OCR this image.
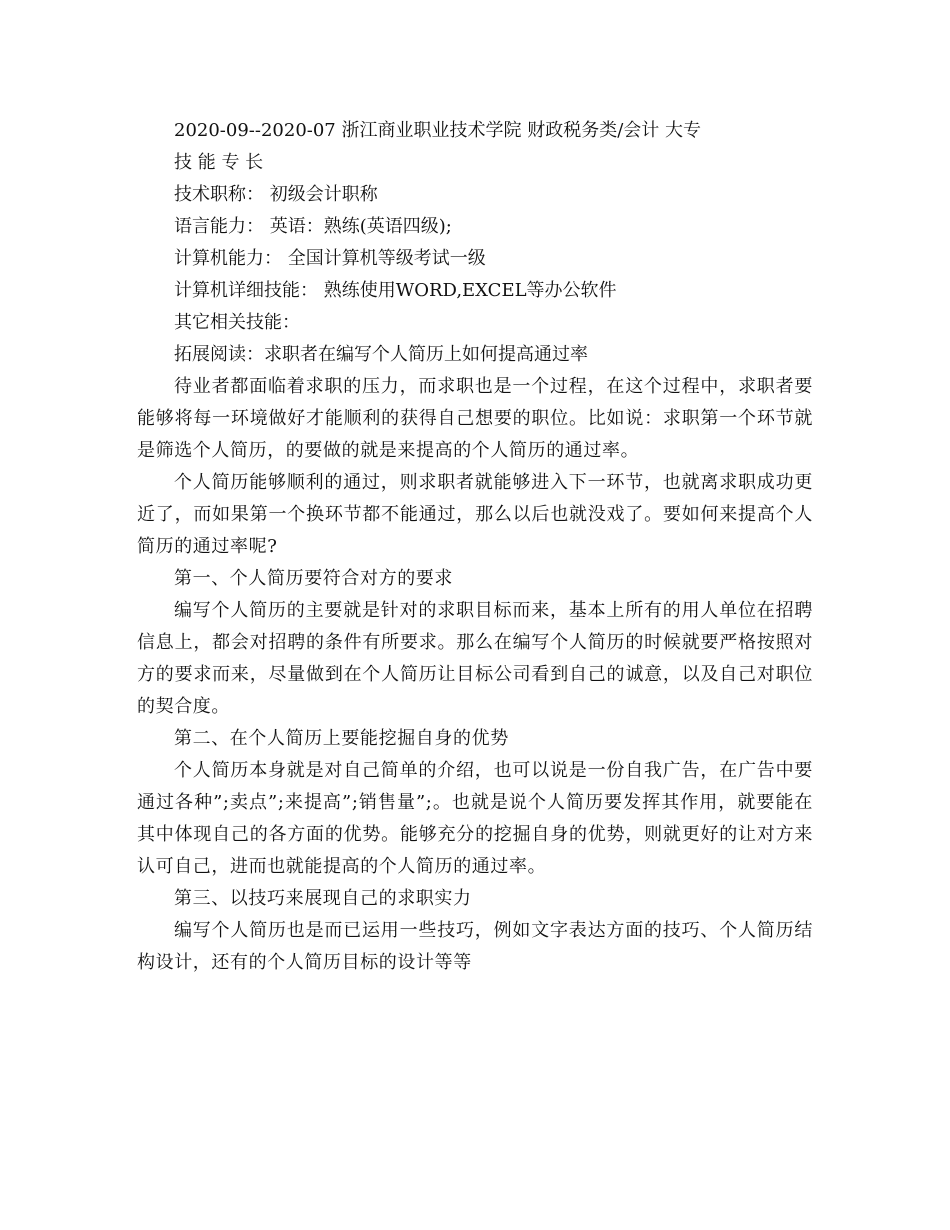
2020-09--2020-07 浙江商业职业技术学院 财政税务类/会计 大专

技 能 专 长

技术职称： 初级会计职称

语言能力： 英语：熟练(英语四级);

计算机能力： 全国计算机等级考试一级

计算机详细技能： 熟练使用WORD,EXCEL等办公软件

其它相关技能：

拓展阅读：求职者在编写个人简历上如何提高通过率

待业者都面临着求职的压力，而求职也是一个过程，在这个过程中，求职者要能够将每一环境做好才能顺利的获得自己想要的职位。比如说：求职第一个环节就是筛选个人简历，的要做的就是来提高的个人简历的通过率。

个人简历能够顺利的通过，则求职者就能够进入下一环节，也就离求职成功更近了，而如果第一个换环节都不能通过，那么以后也就没戏了。要如何来提高个人简历的通过率呢?

第一、个人简历要符合对方的要求

编写个人简历的主要就是针对的求职目标而来，基本上所有的用人单位在招聘信息上，都会对招聘的条件有所要求。那么在编写个人简历的时候就要严格按照对方的要求而来，尽量做到在个人简历让目标公司看到自己的诚意，以及自己对职位的契合度。

第二、在个人简历上要能挖掘自身的优势

个人简历本身就是对自己简单的介绍，也可以说是一份自我广告，在广告中要通过各种”;卖点”;来提高”;销售量”;。也就是说个人简历要发挥其作用，就要能在其中体现自己的各方面的优势。能够充分的挖掘自身的优势，则就更好的让对方来认可自己，进而也就能提高的个人简历的通过率。

第三、以技巧来展现自己的求职实力

编写个人简历也是而已运用一些技巧，例如文字表达方面的技巧、个人简历结构设计，还有的个人简历目标的设计等等
